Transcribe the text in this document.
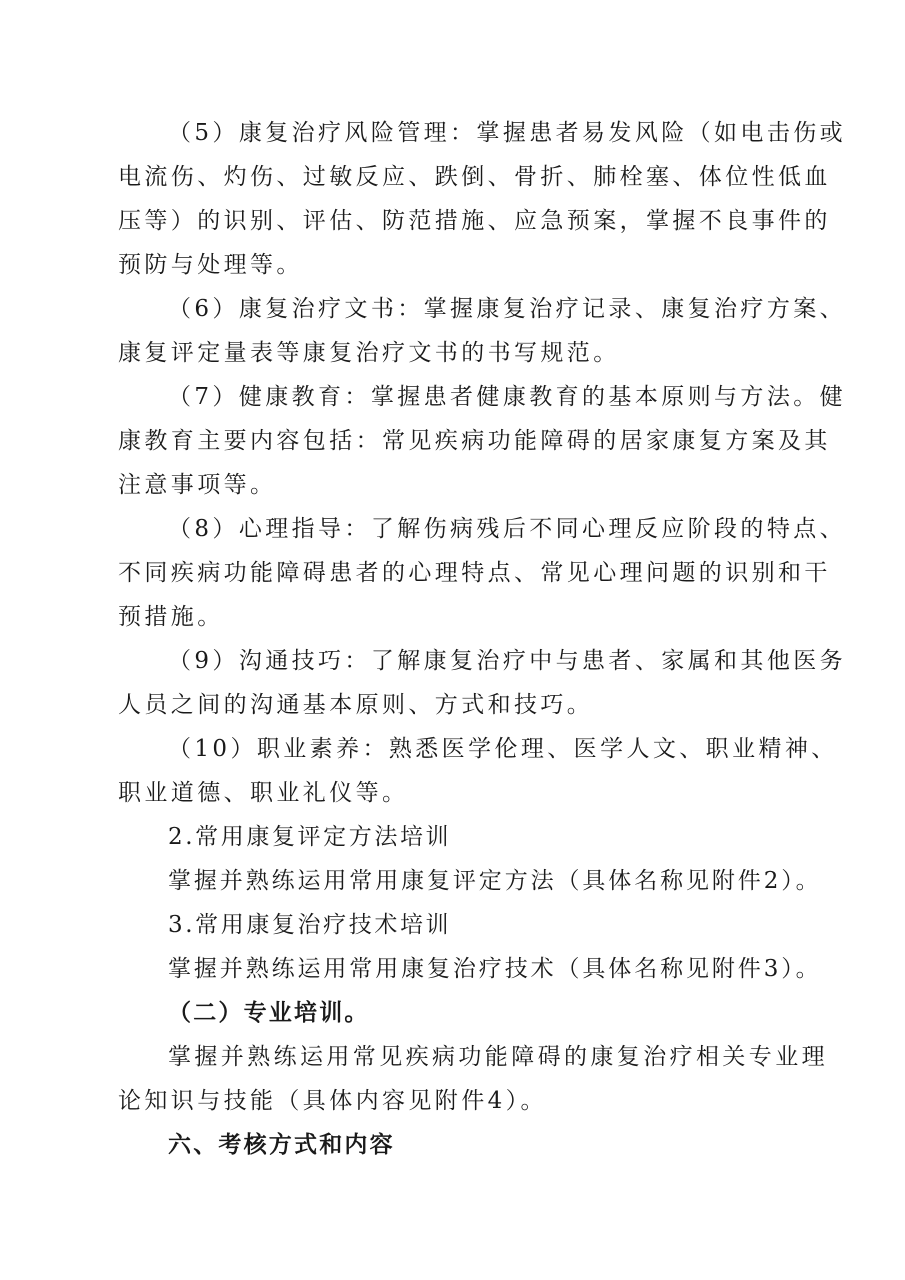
（5）康复治疗风险管理：掌握患者易发风险（如电击伤或
电流伤、灼伤、过敏反应、跌倒、骨折、肺栓塞、体位性低血
压等）的识别、评估、防范措施、应急预案，掌握不良事件的
预防与处理等。
（6）康复治疗文书：掌握康复治疗记录、康复治疗方案、
康复评定量表等康复治疗文书的书写规范。
（7）健康教育：掌握患者健康教育的基本原则与方法。健
康教育主要内容包括：常见疾病功能障碍的居家康复方案及其
注意事项等。
（8）心理指导：了解伤病残后不同心理反应阶段的特点、
不同疾病功能障碍患者的心理特点、常见心理问题的识别和干
预措施。
（9）沟通技巧：了解康复治疗中与患者、家属和其他医务
人员之间的沟通基本原则、方式和技巧。
（10）职业素养：熟悉医学伦理、医学人文、职业精神、
职业道德、职业礼仪等。
2.常用康复评定方法培训
掌握并熟练运用常用康复评定方法（具体名称见附件2）。
3.常用康复治疗技术培训
掌握并熟练运用常用康复治疗技术（具体名称见附件3）。
（二）专业培训。
掌握并熟练运用常见疾病功能障碍的康复治疗相关专业理
论知识与技能（具体内容见附件4）。
六、考核方式和内容
